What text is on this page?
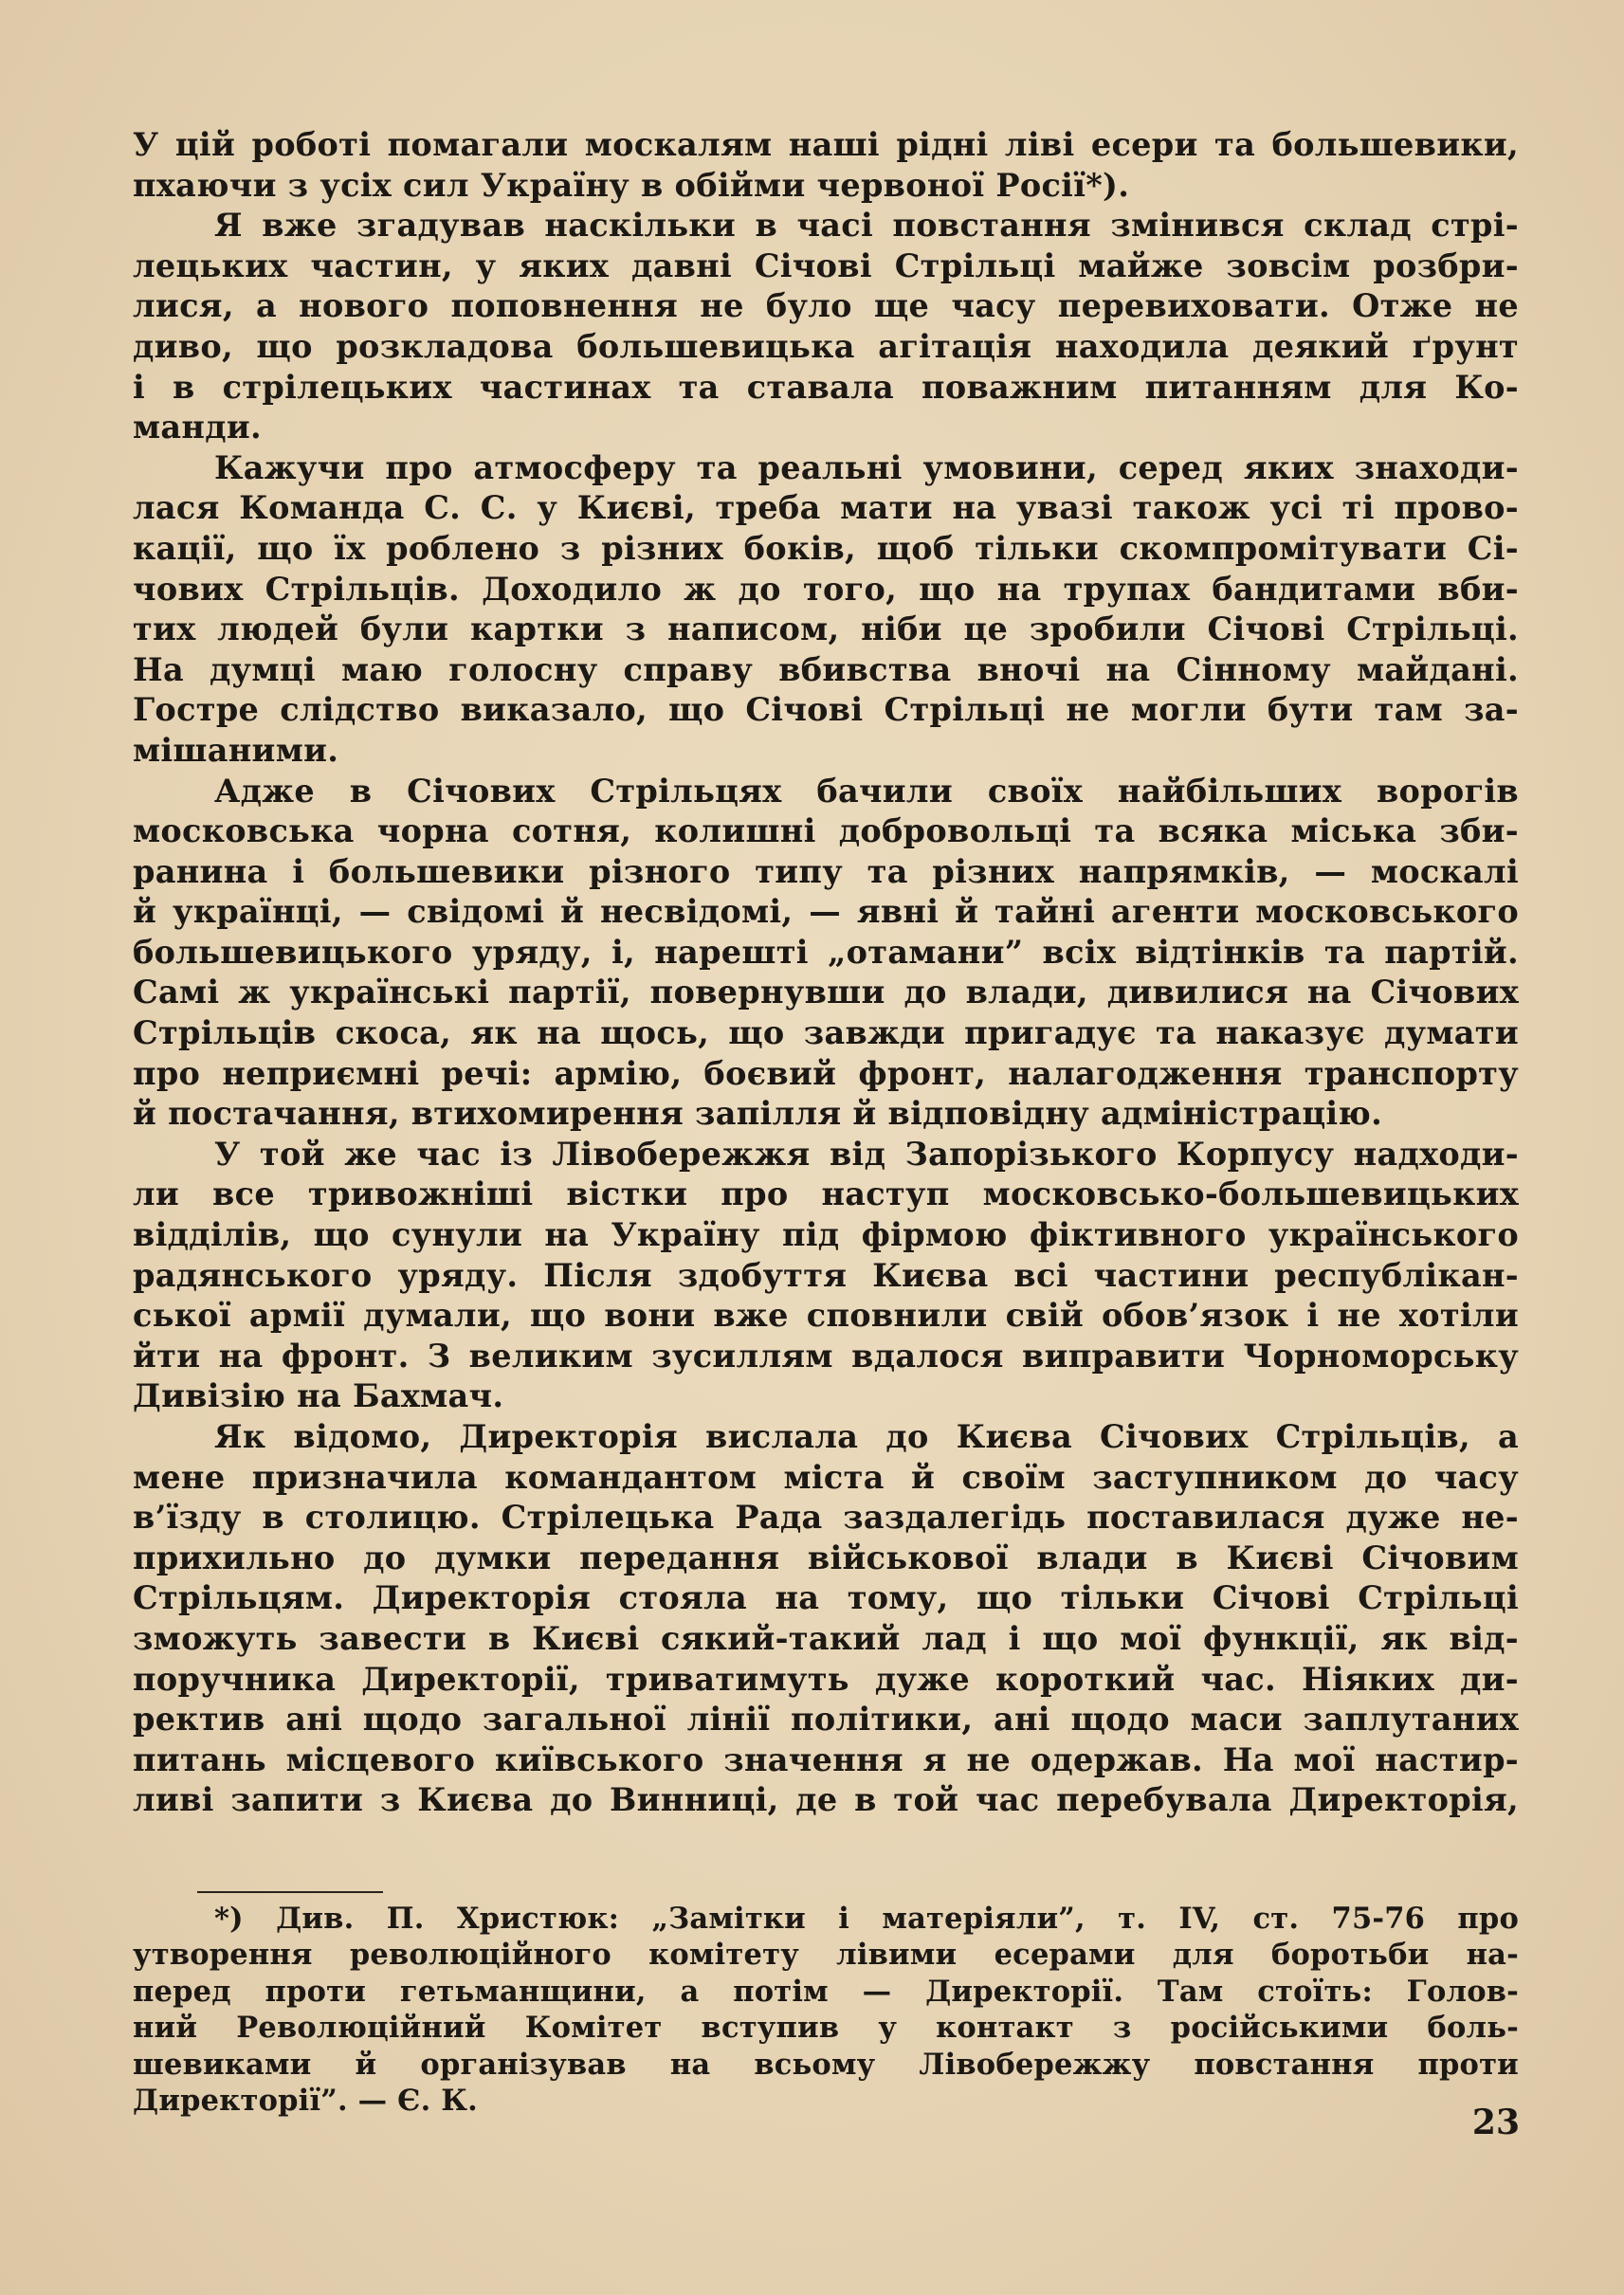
У цій роботі помагали москалям наші рідні ліві есери та большевики,
пхаючи з усіх сил Україну в обійми червоної Росії*).
Я вже згадував наскільки в часі повстання змінився склад стрі-
лецьких частин, у яких давні Січові Стрільці майже зовсім розбри-
лися, а нового поповнення не було ще часу перевиховати. Отже не
диво, що розкладова большевицька агітація находила деякий ґрунт
і в стрілецьких частинах та ставала поважним питанням для Ко-
манди.
Кажучи про атмосферу та реальні умовини, серед яких знаходи-
лася Команда С. С. у Києві, треба мати на увазі також усі ті прово-
кації, що їх роблено з різних боків, щоб тільки скомпромітувати Сі-
чових Стрільців. Доходило ж до того, що на трупах бандитами вби-
тих людей були картки з написом, ніби це зробили Січові Стрільці.
На думці маю голосну справу вбивства вночі на Сінному майдані.
Гостре слідство виказало, що Січові Стрільці не могли бути там за-
мішаними.
Адже в Січових Стрільцях бачили своїх найбільших ворогів
московська чорна сотня, колишні добровольці та всяка міська зби-
ранина і большевики різного типу та різних напрямків, — москалі
й українці, — свідомі й несвідомі, — явні й тайні агенти московського
большевицького уряду, і, нарешті „отамани” всіх відтінків та партій.
Самі ж українські партії, повернувши до влади, дивилися на Січових
Стрільців скоса, як на щось, що завжди пригадує та наказує думати
про неприємні речі: армію, боєвий фронт, налагодження транспорту
й постачання, втихомирення запілля й відповідну адміністрацію.
У той же час із Лівобережжя від Запорізького Корпусу надходи-
ли все тривожніші вістки про наступ московсько-большевицьких
відділів, що сунули на Україну під фірмою фіктивного українського
радянського уряду. Після здобуття Києва всі частини республікан-
ської армії думали, що вони вже сповнили свій обов’язок і не хотіли
йти на фронт. З великим зусиллям вдалося виправити Чорноморську
Дивізію на Бахмач.
Як відомо, Директорія вислала до Києва Січових Стрільців, а
мене призначила командантом міста й своїм заступником до часу
в’їзду в столицю. Стрілецька Рада заздалегідь поставилася дуже не-
прихильно до думки передання військової влади в Києві Січовим
Стрільцям. Директорія стояла на тому, що тільки Січові Стрільці
зможуть завести в Києві сякий-такий лад і що мої функції, як від-
поручника Директорії, триватимуть дуже короткий час. Ніяких ди-
ректив ані щодо загальної лінії політики, ані щодо маси заплутаних
питань місцевого київського значення я не одержав. На мої настир-
ливі запити з Києва до Винниці, де в той час перебувала Директорія,
*) Див. П. Христюк: „Замітки і матеріяли”, т. IV, ст. 75-76 про
утворення революційного комітету лівими есерами для боротьби на-
перед проти гетьманщини, а потім — Директорії. Там стоїть: Голов-
ний Революційний Комітет вступив у контакт з російськими боль-
шевиками й організував на всьому Лівобережжу повстання проти
Директорії”. — Є. К.
23
